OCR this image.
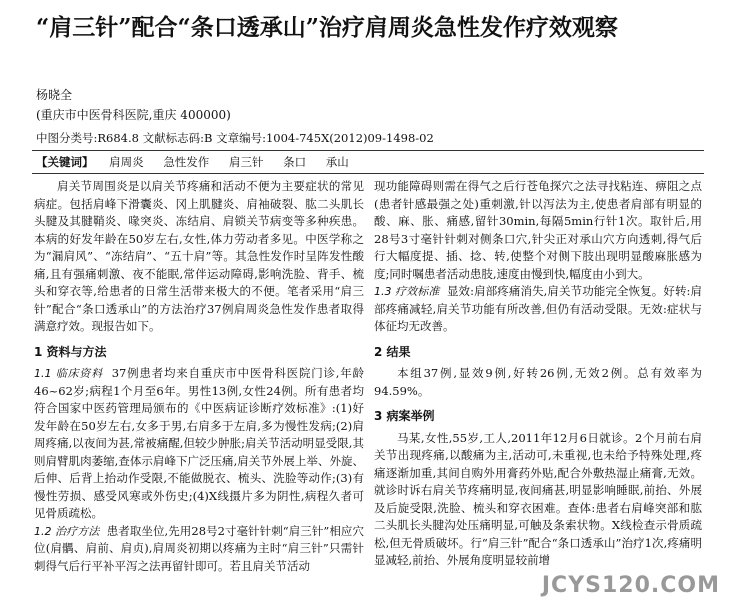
“肩三针”配合“条口透承山”治疗肩周炎急性发作疗效观察
杨晓全
(重庆市中医骨科医院,重庆 400000)
中图分类号:R684.8 文献标志码:B 文章编号:1004-745X(2012)09-1498-02
【关键词】 肩周炎 急性发作 肩三针 条口 承山

肩关节周围炎是以肩关节疼痛和活动不便为主要症状的常见病症。包括肩峰下滑囊炎、冈上肌腱炎、肩袖破裂、肱二头肌长头腱及其腱鞘炎、喙突炎、冻结肩、肩锁关节病变等多种疾患。本病的好发年龄在50岁左右,女性,体力劳动者多见。中医学称之为“漏肩风”、“冻结肩”、“五十肩”等。其急性发作时呈阵发性酸痛,且有强痛刺激、夜不能眠,常伴运动障碍,影响洗脸、背手、梳头和穿衣等,给患者的日常生活带来极大的不便。笔者采用“肩三针”配合“条口透承山”的方法治疗37例肩周炎急性发作患者取得满意疗效。现报告如下。

1 资料与方法

1.1 临床资料 37例患者均来自重庆市中医骨科医院门诊,年龄46~62岁;病程1个月至6年。男性13例,女性24例。所有患者均符合国家中医药管理局颁布的《中医病证诊断疗效标准》:(1)好发年龄在50岁左右,女多于男,右肩多于左肩,多为慢性发病;(2)肩周疼痛,以夜间为甚,常被痛醒,但较少肿胀;肩关节活动明显受限,其则肩臂肌肉萎缩,查体示肩峰下广泛压痛,肩关节外展上举、外旋、后伸、后背上抬动作受限,不能做脱衣、梳头、洗脸等动作;(3)有慢性劳损、感受风寒或外伤史;(4)X线摄片多为阴性,病程久者可见骨质疏松。

1.2 治疗方法 患者取坐位,先用28号2寸毫针针刺“肩三针”相应穴位(肩髃、肩前、肩贞),肩周炎初期以疼痛为主时“肩三针”只需针刺得气后行平补平泻之法再留针即可。若且肩关节活动

现功能障碍则需在得气之后行苍龟探穴之法寻找粘连、痹阻之点(患者针感最强之处)重刺激,针以泻法为主,使患者肩部有明显的酸、麻、胀、痛感,留针30min,每隔5min行针1次。取针后,用28号3寸毫针针刺对侧条口穴,针尖正对承山穴方向透刺,得气后行大幅度提、插、捻、转,使整个对侧下肢出现明显酸麻胀感为度;同时嘱患者活动患肢,速度由慢到快,幅度由小到大。

1.3 疗效标准 显效:肩部疼痛消失,肩关节功能完全恢复。好转:肩部疼痛减轻,肩关节功能有所改善,但仍有活动受限。无效:症状与体征均无改善。

2 结果

本组37例,显效9例,好转26例,无效2例。总有效率为94.59%。

3 病案举例

马某,女性,55岁,工人,2011年12月6日就诊。2个月前右肩关节出现疼痛,以酸痛为主,活动可,未重视,也未给予特殊处理,疼痛逐渐加重,其间自购外用膏药外贴,配合外敷热湿止痛膏,无效。就诊时诉右肩关节疼痛明显,夜间痛甚,明显影响睡眠,前抬、外展及后旋受限,洗脸、梳头和穿衣困难。查体:患者右肩峰突部和肱二头肌长头腱沟处压痛明显,可触及条索状物。X线检查示骨质疏松,但无骨质破坏。行“肩三针”配合“条口透承山”治疗1次,疼痛明显减轻,前抬、外展角度明显较前增

JCYS120.COM
